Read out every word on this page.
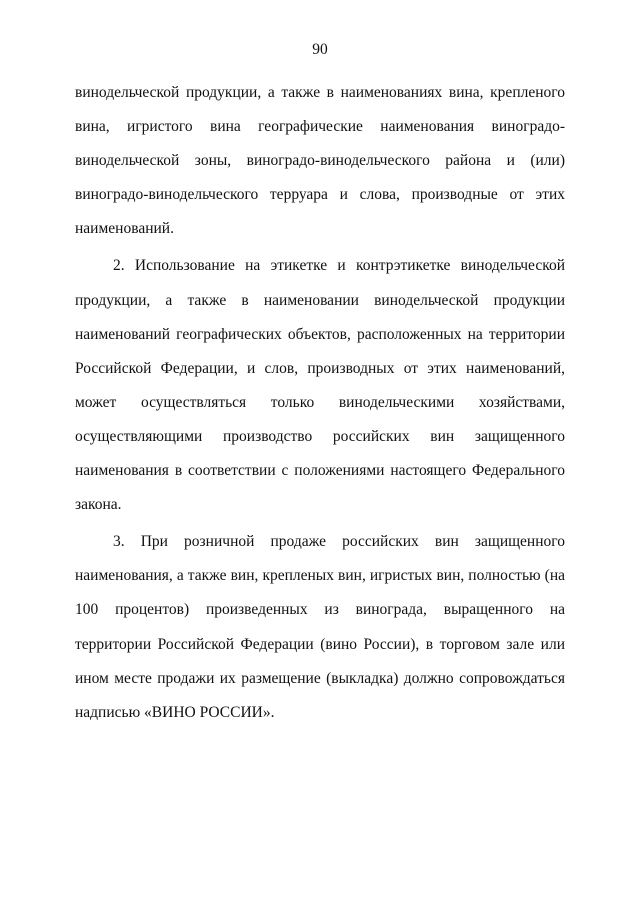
90

винодельческой продукции, а также в наименованиях вина, крепленого вина, игристого вина географические наименования виноградо-винодельческой зоны, виноградо-винодельческого района и (или) виноградо-винодельческого терруара и слова, производные от этих наименований.

2. Использование на этикетке и контрэтикетке винодельческой продукции, а также в наименовании винодельческой продукции наименований географических объектов, расположенных на территории Российской Федерации, и слов, производных от этих наименований, может осуществляться только винодельческими хозяйствами, осуществляющими производство российских вин защищенного наименования в соответствии с положениями настоящего Федерального закона.

3. При розничной продаже российских вин защищенного наименования, а также вин, крепленых вин, игристых вин, полностью (на 100 процентов) произведенных из винограда, выращенного на территории Российской Федерации (вино России), в торговом зале или ином месте продажи их размещение (выкладка) должно сопровождаться надписью «ВИНО РОССИИ».
